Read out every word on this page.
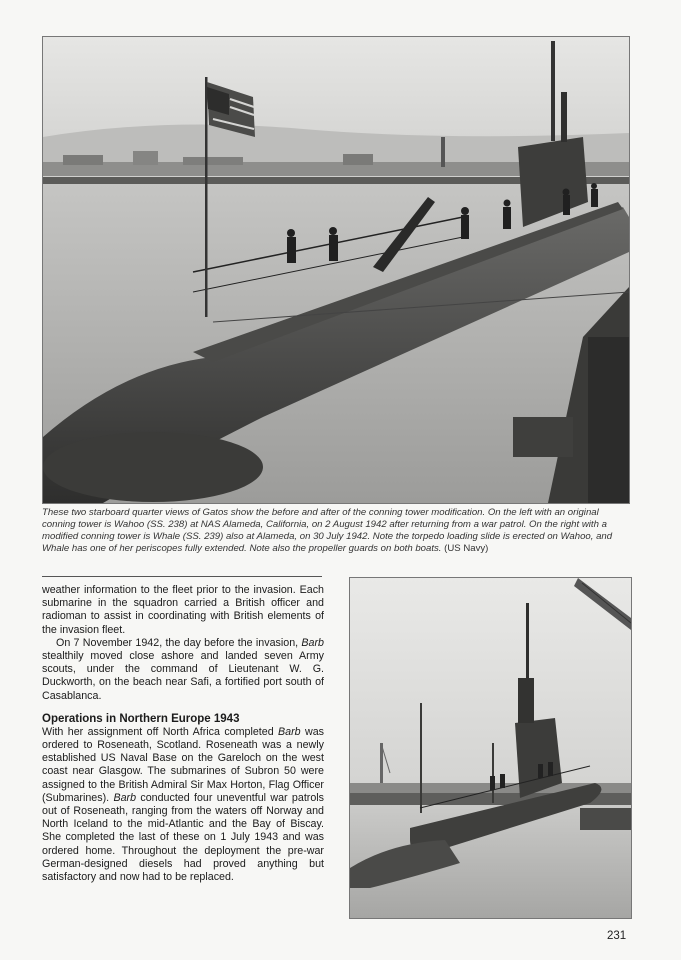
These two starboard quarter views of Gatos show the before and after of the conning tower modification. On the left with an original conning tower is Wahoo (SS. 238) at NAS Alameda, California, on 2 August 1942 after returning from a war patrol. On the right with a modified conning tower is Whale (SS. 239) also at Alameda, on 30 July 1942. Note the torpedo loading slide is erected on Wahoo, and Whale has one of her periscopes fully extended. Note also the propeller guards on both boats. (US Navy)

weather information to the fleet prior to the invasion. Each submarine in the squadron carried a British officer and radioman to assist in coordinating with British elements of the invasion fleet.

On 7 November 1942, the day before the invasion, Barb stealthily moved close ashore and landed seven Army scouts, under the command of Lieutenant W. G. Duckworth, on the beach near Safi, a fortified port south of Casablanca.

Operations in Northern Europe 1943

With her assignment off North Africa completed Barb was ordered to Roseneath, Scotland. Roseneath was a newly established US Naval Base on the Gareloch on the west coast near Glasgow. The submarines of Subron 50 were assigned to the British Admiral Sir Max Horton, Flag Officer (Submarines). Barb conducted four uneventful war patrols out of Roseneath, ranging from the waters off Norway and North Iceland to the mid-Atlantic and the Bay of Biscay. She completed the last of these on 1 July 1943 and was ordered home. Throughout the deployment the pre-war German-designed diesels had proved anything but satisfactory and now had to be replaced.

231
